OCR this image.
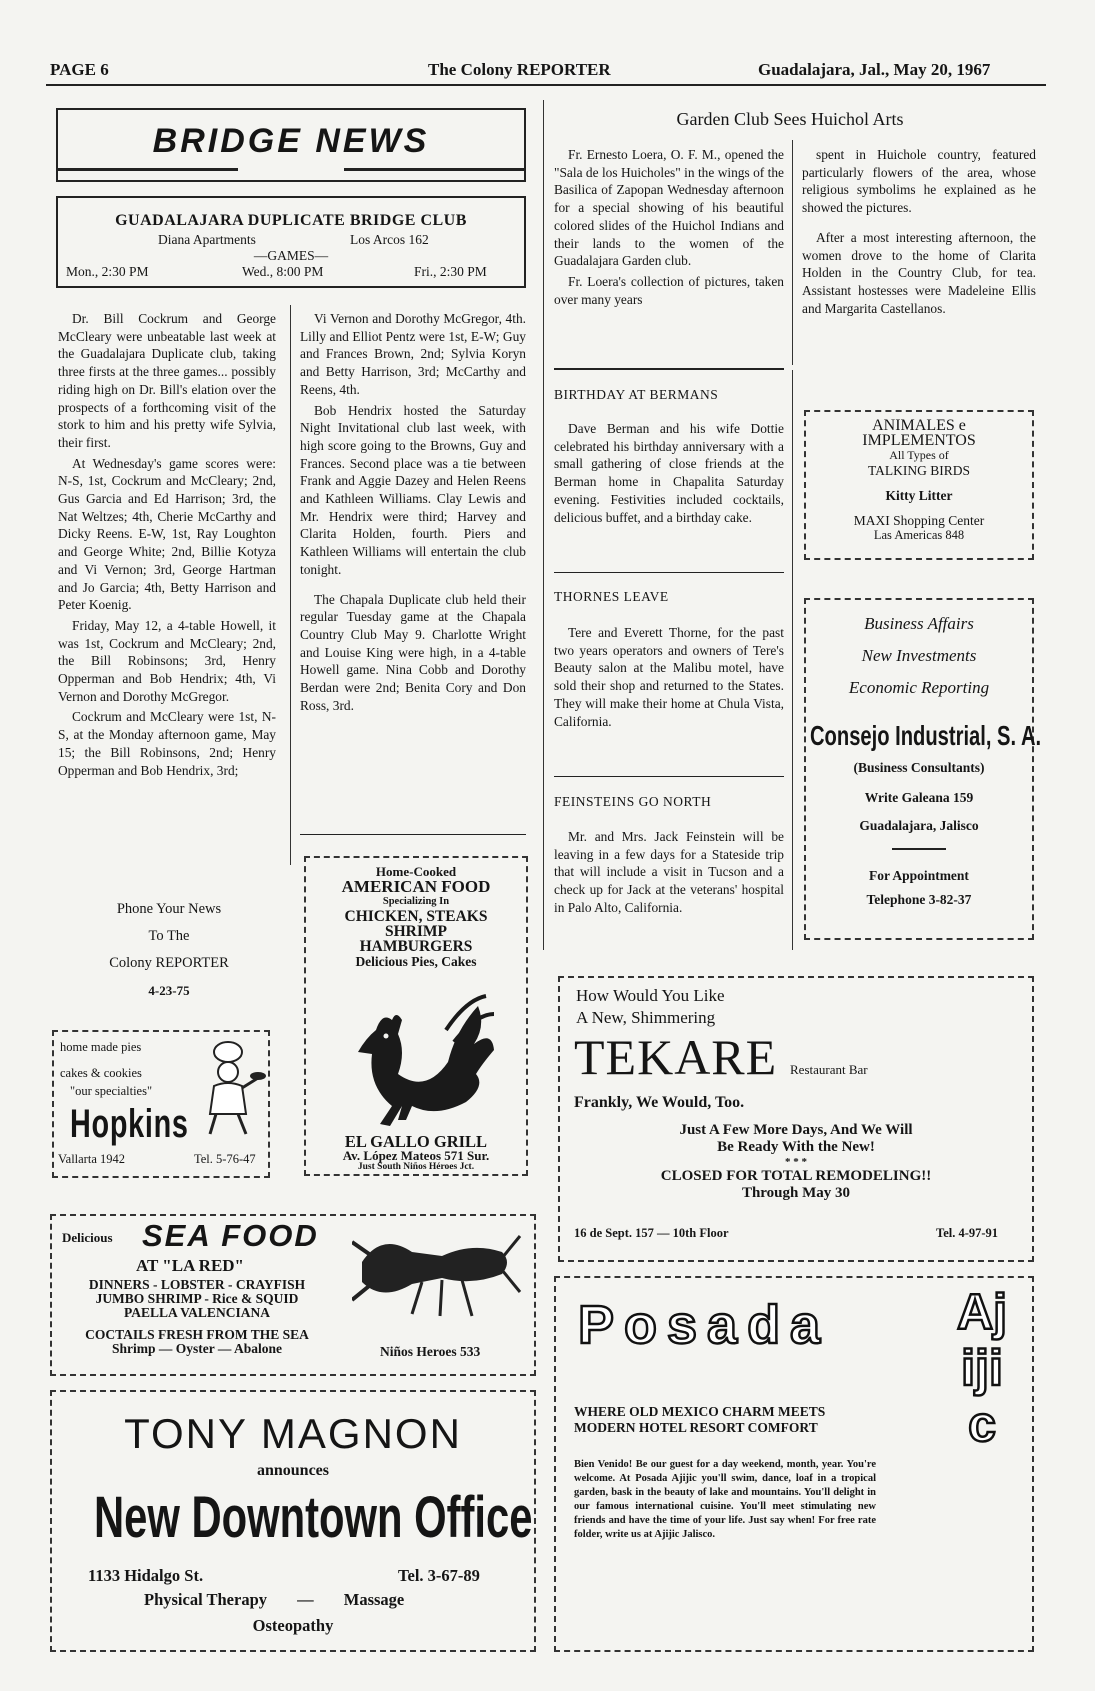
PAGE 6	The Colony REPORTER	Guadalajara, Jal., May 20, 1967
BRIDGE NEWS
GUADALAJARA DUPLICATE BRIDGE CLUB
Diana Apartments	Los Arcos 162
—GAMES—
Mon., 2:30 PM	Wed., 8:00 PM	Fri., 2:30 PM

Dr. Bill Cockrum and George McCleary were unbeatable last week at the Guadalajara Duplicate club, taking three firsts at the three games... possibly riding high on Dr. Bill's elation over the prospects of a forthcoming visit of the stork to him and his pretty wife Sylvia, their first.

At Wednesday's game scores were: N-S, 1st, Cockrum and McCleary; 2nd, Gus Garcia and Ed Harrison; 3rd, the Nat Weltzes; 4th, Cherie McCarthy and Dicky Reens. E-W, 1st, Ray Loughton and George White; 2nd, Billie Kotyza and Vi Vernon; 3rd, George Hartman and Jo Garcia; 4th, Betty Harrison and Peter Koenig.

Friday, May 12, a 4-table Howell, it was 1st, Cockrum and McCleary; 2nd, the Bill Robinsons; 3rd, Henry Opperman and Bob Hendrix; 4th, Vi Vernon and Dorothy McGregor.

Cockrum and McCleary were 1st, N-S, at the Monday afternoon game, May 15; the Bill Robinsons, 2nd; Henry Opperman and Bob Hendrix, 3rd;

Vi Vernon and Dorothy McGregor, 4th. Lilly and Elliot Pentz were 1st, E-W; Guy and Frances Brown, 2nd; Sylvia Koryn and Betty Harrison, 3rd; McCarthy and Reens, 4th.

Bob Hendrix hosted the Saturday Night Invitational club last week, with high score going to the Browns, Guy and Frances. Second place was a tie between Frank and Aggie Dazey and Helen Reens and Kathleen Williams. Clay Lewis and Mr. Hendrix were third; Harvey and Clarita Holden, fourth. Piers and Kathleen Williams will entertain the club tonight.

The Chapala Duplicate club held their regular Tuesday game at the Chapala Country Club May 9. Charlotte Wright and Louise King were high, in a 4-table Howell game. Nina Cobb and Dorothy Berdan were 2nd; Benita Cory and Don Ross, 3rd.

Phone Your News
To The
Colony REPORTER
4-23-75
home made pies
cakes & cookies
"our specialties"
Hopkins
Vallarta 1942	Tel. 5-76-47
Home-Cooked
AMERICAN FOOD
Specializing In
CHICKEN, STEAKS
SHRIMP
HAMBURGERS
Delicious Pies, Cakes
EL GALLO GRILL
Av. López Mateos 571 Sur.
Just South Niños Héroes Jct.
Delicious SEA FOOD
AT "LA RED"
DINNERS - LOBSTER - CRAYFISH
JUMBO SHRIMP - Rice & SQUID
PAELLA VALENCIANA
COCTAILS FRESH FROM THE SEA
Shrimp — Oyster — Abalone	Niños Heroes 533
TONY MAGNON
announces
New Downtown Office
1133 Hidalgo St.	Tel. 3-67-89
Physical Therapy — Massage
Osteopathy
Garden Club Sees Huichol Arts

Fr. Ernesto Loera, O. F. M., opened the "Sala de los Huicholes" in the wings of the Basilica of Zapopan Wednesday afternoon for a special showing of his beautiful colored slides of the Huichol Indians and their lands to the women of the Guadalajara Garden club.

Fr. Loera's collection of pictures, taken over many years

spent in Huichole country, featured particularly flowers of the area, whose religious symbolims he explained as he showed the pictures.

After a most interesting afternoon, the women drove to the home of Clarita Holden in the Country Club, for tea. Assistant hostesses were Madeleine Ellis and Margarita Castellanos.

BIRTHDAY AT BERMANS

Dave Berman and his wife Dottie celebrated his birthday anniversary with a small gathering of close friends at the Berman home in Chapalita Saturday evening. Festivities included cocktails, delicious buffet, and a birthday cake.

THORNES LEAVE

Tere and Everett Thorne, for the past two years operators and owners of Tere's Beauty salon at the Malibu motel, have sold their shop and returned to the States. They will make their home at Chula Vista, California.

FEINSTEINS GO NORTH

Mr. and Mrs. Jack Feinstein will be leaving in a few days for a Stateside trip that will include a visit in Tucson and a check up for Jack at the veterans' hospital in Palo Alto, California.

ANIMALES e
IMPLEMENTOS
All Types of
TALKING BIRDS
Kitty Litter
MAXI Shopping Center
Las Americas 848
Business Affairs
New Investments
Economic Reporting
Consejo Industrial, S. A.
(Business Consultants)
Write Galeana 159
Guadalajara, Jalisco
For Appointment
Telephone 3-82-37
How Would You Like
A New, Shimmering
TEKARE Restaurant Bar
Frankly, We Would, Too.
Just A Few More Days, And We Will
Be Ready With the New!
* * *
CLOSED FOR TOTAL REMODELING!!
Through May 30
16 de Sept. 157 — 10th Floor	Tel. 4-97-91
Posada	Ajijic
WHERE OLD MEXICO CHARM MEETS
MODERN HOTEL RESORT COMFORT
Bien Venido! Be our guest for a day weekend, month, year. You're welcome. At Posada Ajijic you'll swim, dance, loaf in a tropical garden, bask in the beauty of lake and mountains. You'll delight in our famous international cuisine. You'll meet stimulating new friends and have the time of your life. Just say when! For free rate folder, write us at Ajijic Jalisco.
